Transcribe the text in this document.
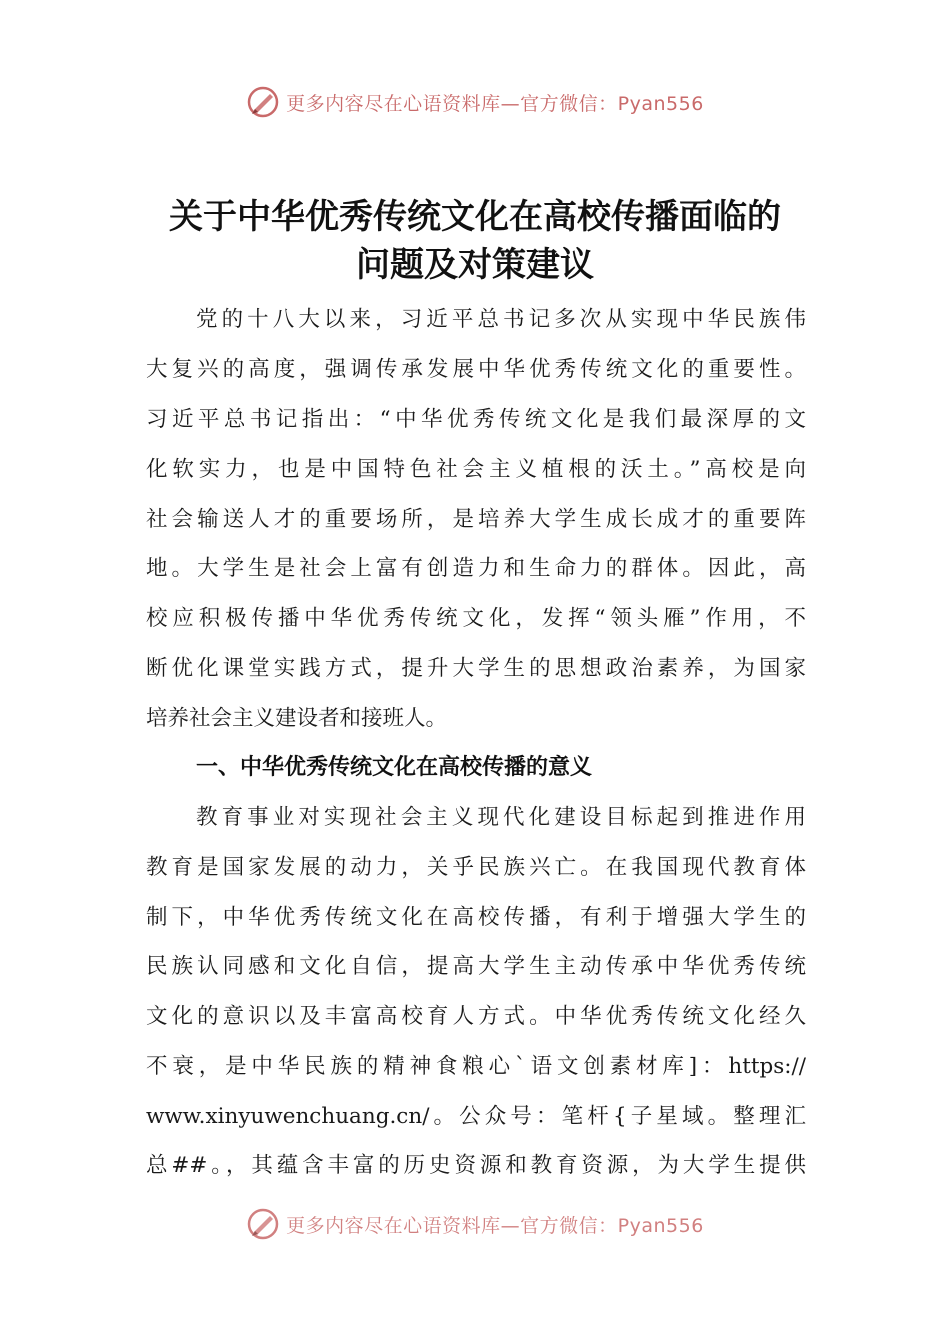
更多内容尽在心语资料库—官方微信：Pyan556
关于中华优秀传统文化在高校传播面临的
问题及对策建议
党的十八大以来，习近平总书记多次从实现中华民族伟
大复兴的高度，强调传承发展中华优秀传统文化的重要性。
习近平总书记指出：“中华优秀传统文化是我们最深厚的文
化软实力，也是中国特色社会主义植根的沃土。”高校是向
社会输送人才的重要场所，是培养大学生成长成才的重要阵
地。大学生是社会上富有创造力和生命力的群体。因此，高
校应积极传播中华优秀传统文化，发挥“领头雁”作用，不
断优化课堂实践方式，提升大学生的思想政治素养，为国家
培养社会主义建设者和接班人。
一、中华优秀传统文化在高校传播的意义
教育事业对实现社会主义现代化建设目标起到推进作用
教育是国家发展的动力，关乎民族兴亡。在我国现代教育体
制下，中华优秀传统文化在高校传播，有利于增强大学生的
民族认同感和文化自信，提高大学生主动传承中华优秀传统
文化的意识以及丰富高校育人方式。中华优秀传统文化经久
不衰，是中华民族的精神食粮心`语文创素材库]：https://
www.xinyuwenchuang.cn/。公众号：笔杆{子星域。整理汇
总##。，其蕴含丰富的历史资源和教育资源，为大学生提供
更多内容尽在心语资料库—官方微信：Pyan556
